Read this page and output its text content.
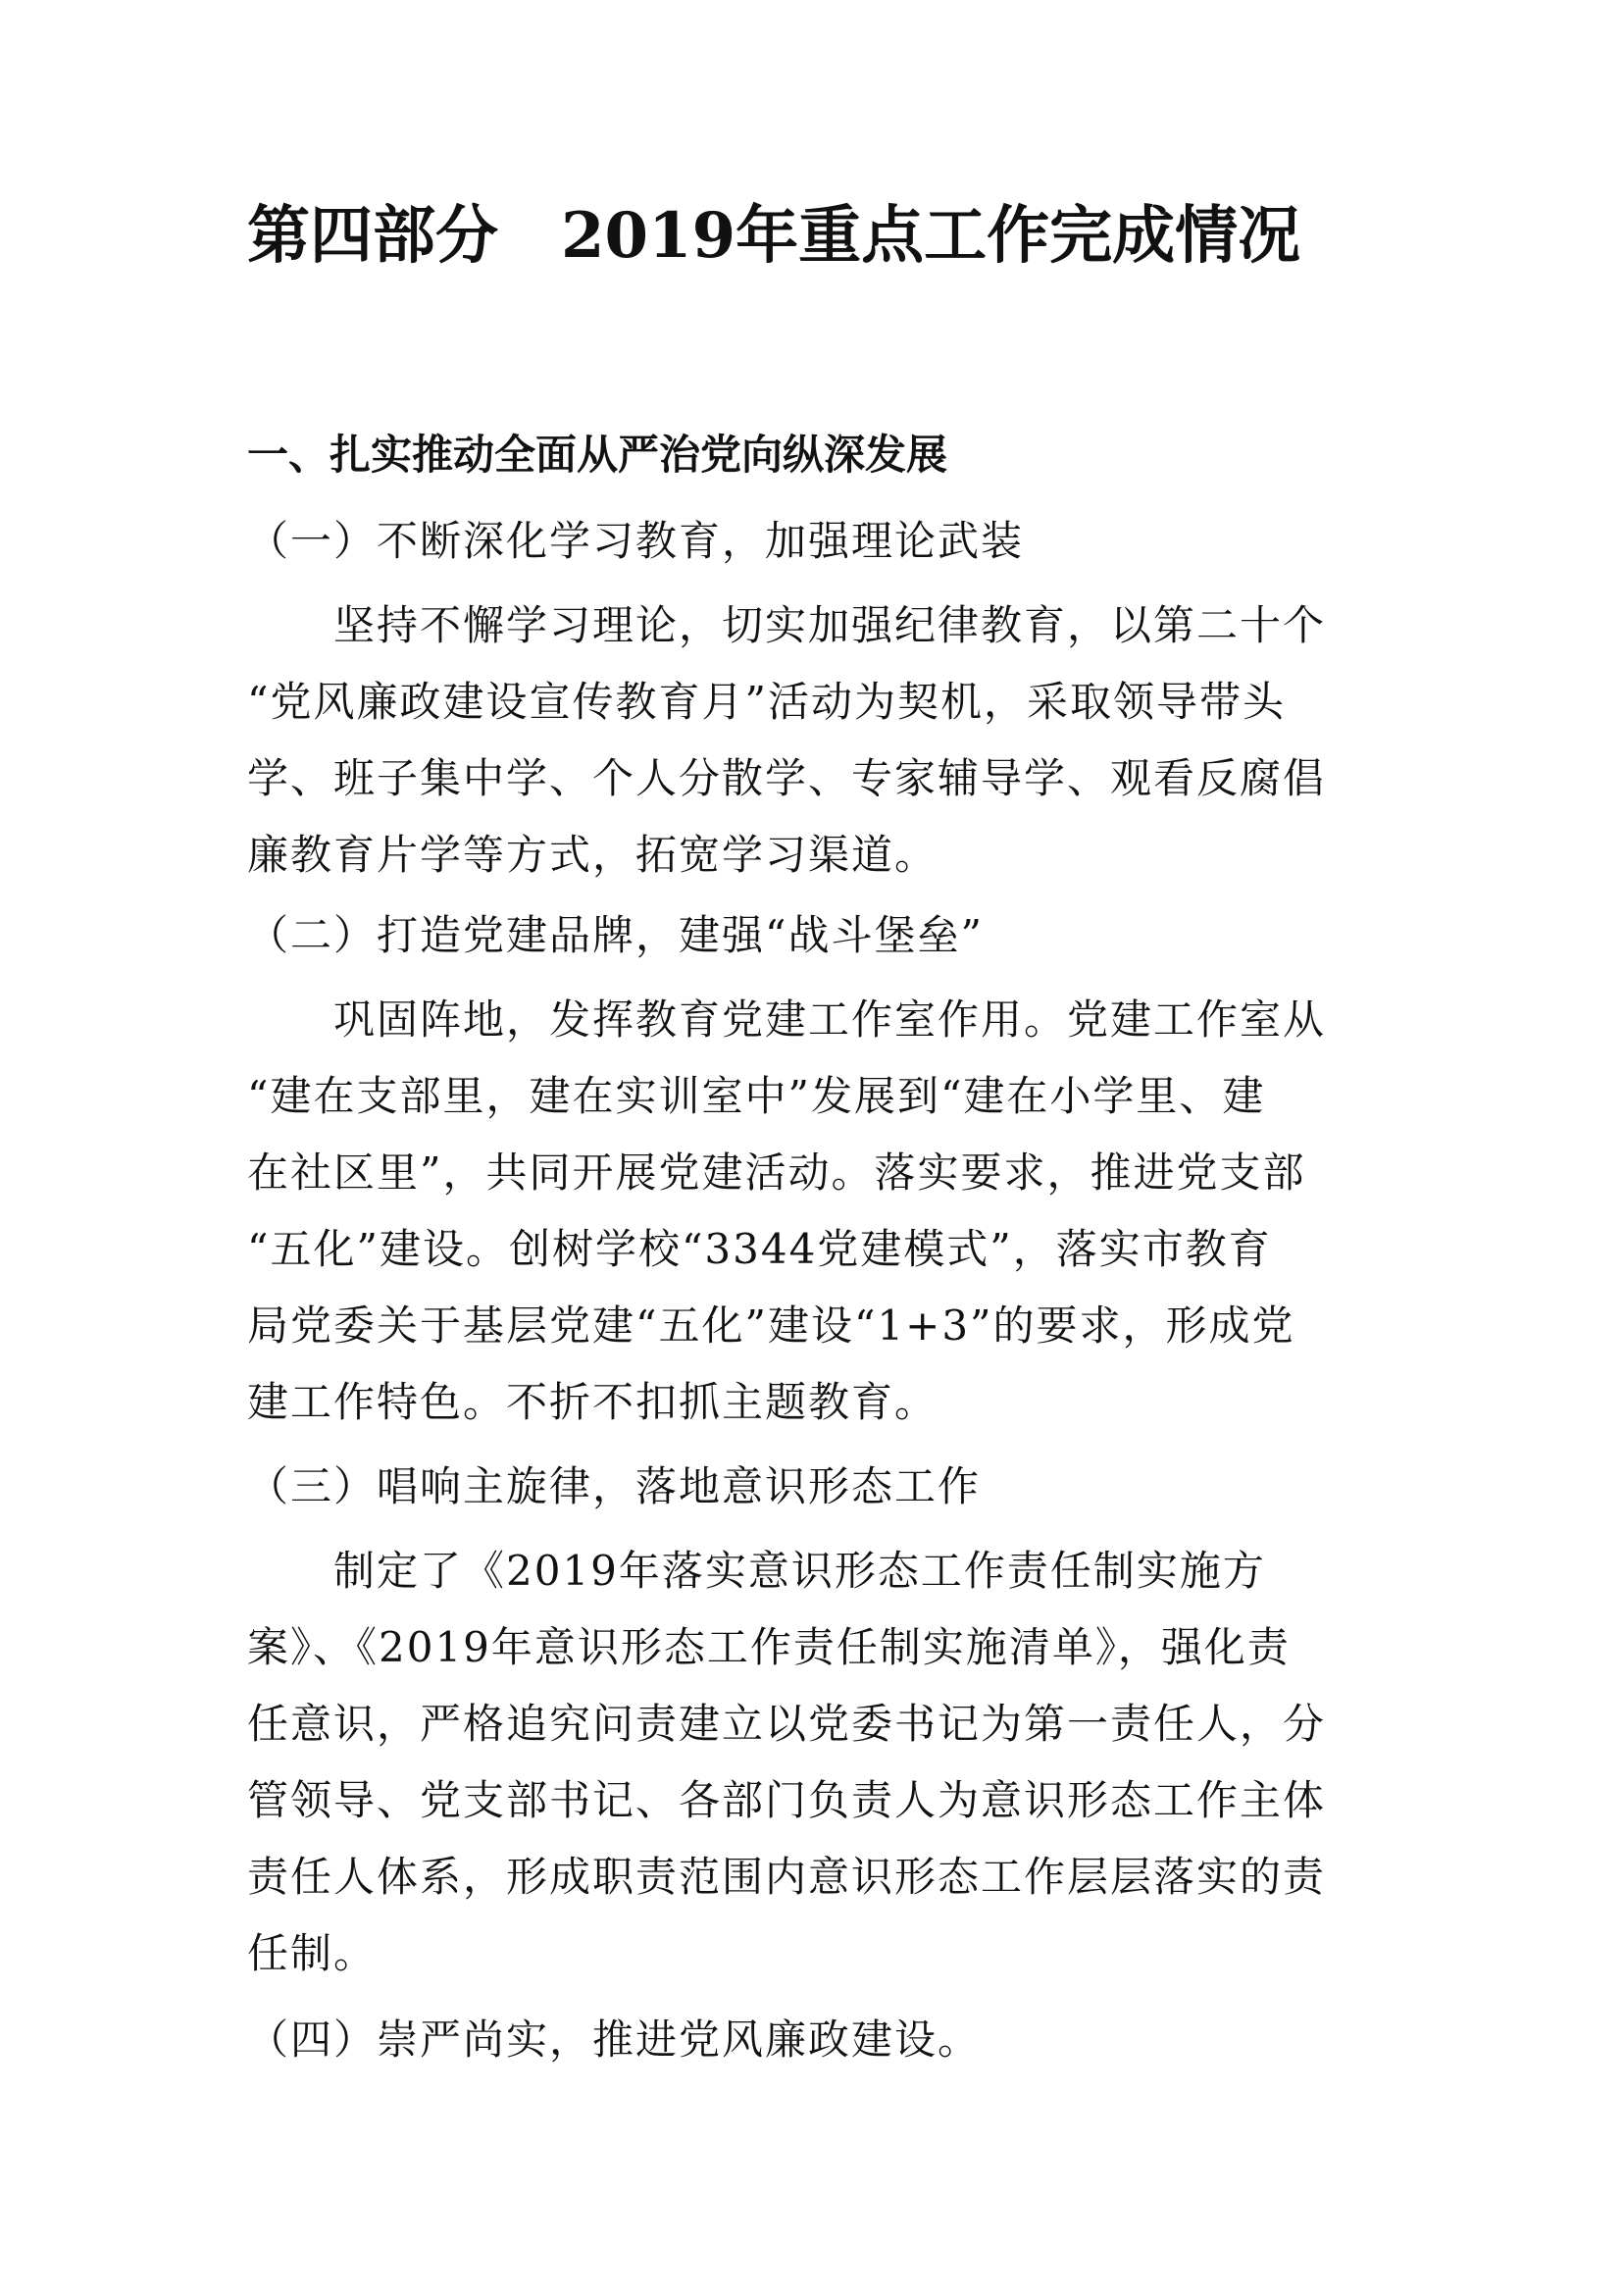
第四部分　2019年重点工作完成情况
一、扎实推动全面从严治党向纵深发展

（一）不断深化学习教育，加强理论武装

坚持不懈学习理论，切实加强纪律教育，以第二十个

“党风廉政建设宣传教育月”活动为契机，采取领导带头

学、班子集中学、个人分散学、专家辅导学、观看反腐倡

廉教育片学等方式，拓宽学习渠道。

（二）打造党建品牌，建强“战斗堡垒”

巩固阵地，发挥教育党建工作室作用。党建工作室从

“建在支部里，建在实训室中”发展到“建在小学里、建

在社区里”，共同开展党建活动。落实要求，推进党支部

“五化”建设。创树学校“3344党建模式”，落实市教育

局党委关于基层党建“五化”建设“1+3”的要求，形成党

建工作特色。不折不扣抓主题教育。

（三）唱响主旋律，落地意识形态工作

制定了《2019年落实意识形态工作责任制实施方

案》、《2019年意识形态工作责任制实施清单》，强化责

任意识，严格追究问责建立以党委书记为第一责任人，分

管领导、党支部书记、各部门负责人为意识形态工作主体

责任人体系，形成职责范围内意识形态工作层层落实的责

任制。

（四）崇严尚实，推进党风廉政建设。
